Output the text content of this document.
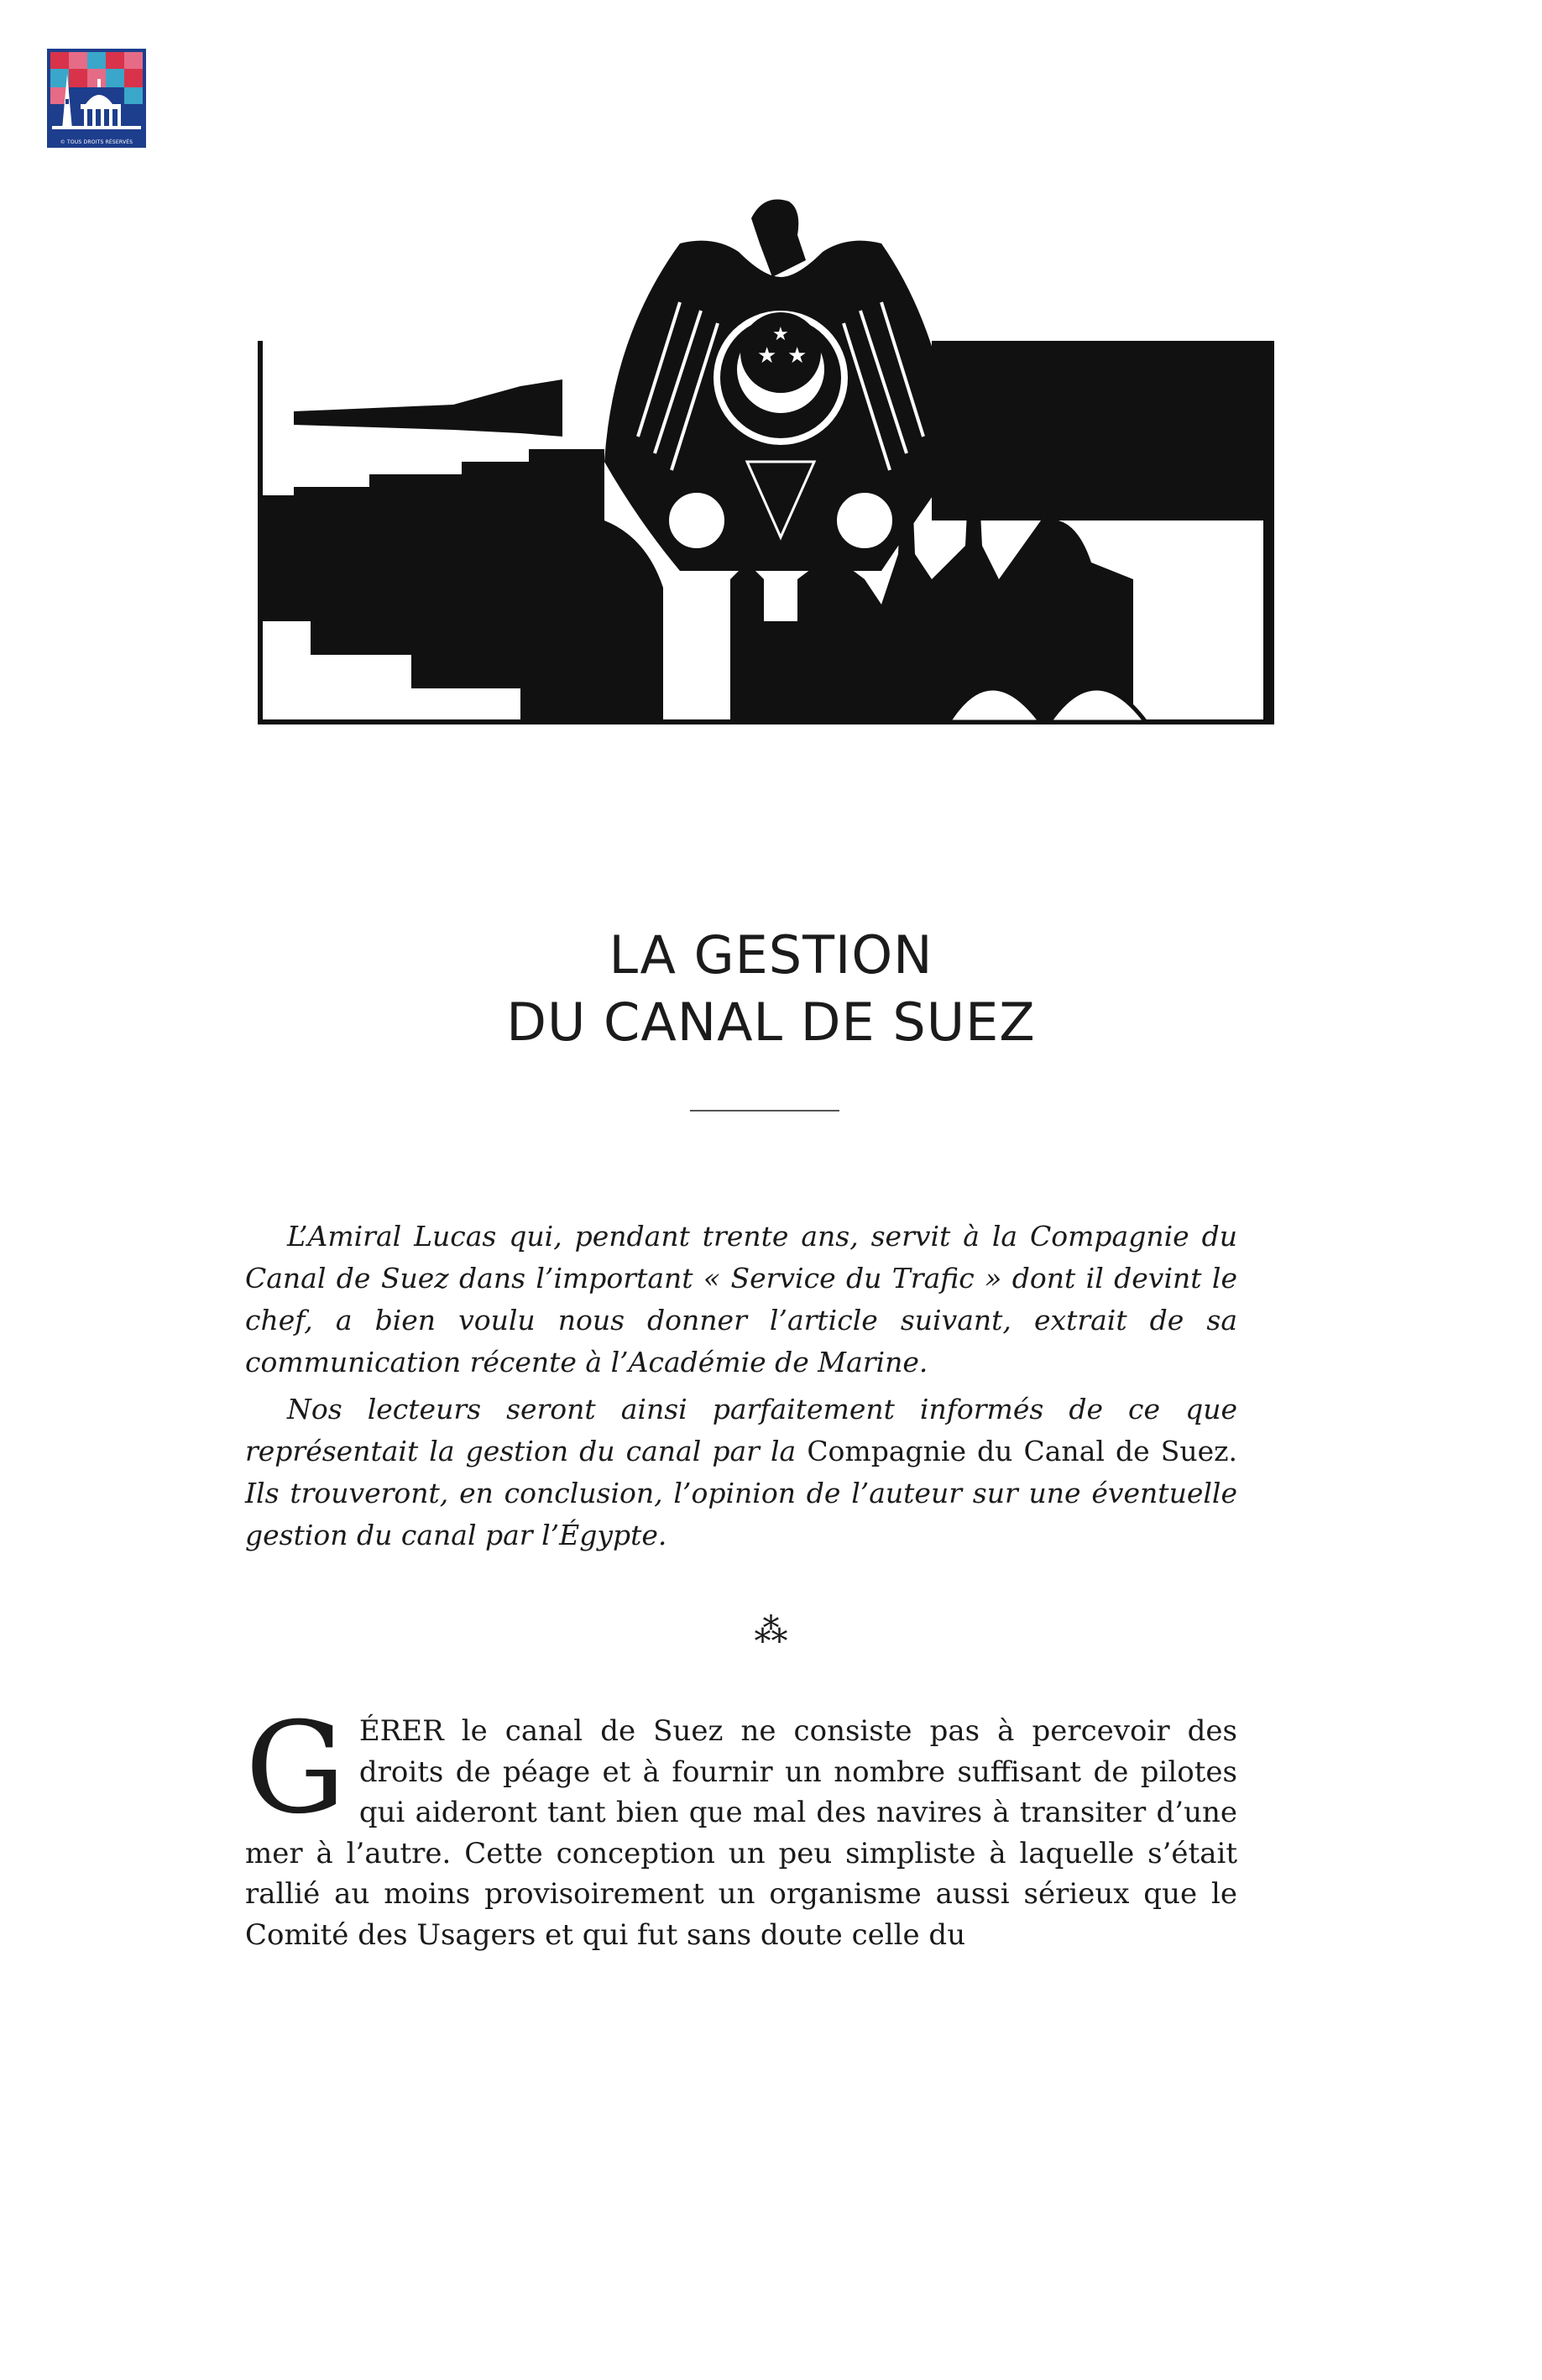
© TOUS DROITS RÉSERVÉS
★ ★
★
LA GESTION
DU CANAL DE SUEZ

L’Amiral Lucas qui, pendant trente ans, servit à la Compagnie du Canal de Suez dans l’important « Service du Trafic » dont il devint le chef, a bien voulu nous donner l’article suivant, extrait de sa communication récente à l’Académie de Marine.

Nos lecteurs seront ainsi parfaitement informés de ce que représentait la gestion du canal par la Compagnie du Canal de Suez. Ils trouveront, en conclusion, l’opinion de l’auteur sur une éventuelle gestion du canal par l’Égypte.

⁂
G ÉRER le canal de Suez ne consiste pas à percevoir des droits de péage et à fournir un nombre suffisant de pilotes qui aideront tant bien que mal des navires à transiter d’une mer à l’autre. Cette conception un peu simpliste à laquelle s’était rallié au moins provisoirement un organisme aussi sérieux que le Comité des Usagers et qui fut sans doute celle du
